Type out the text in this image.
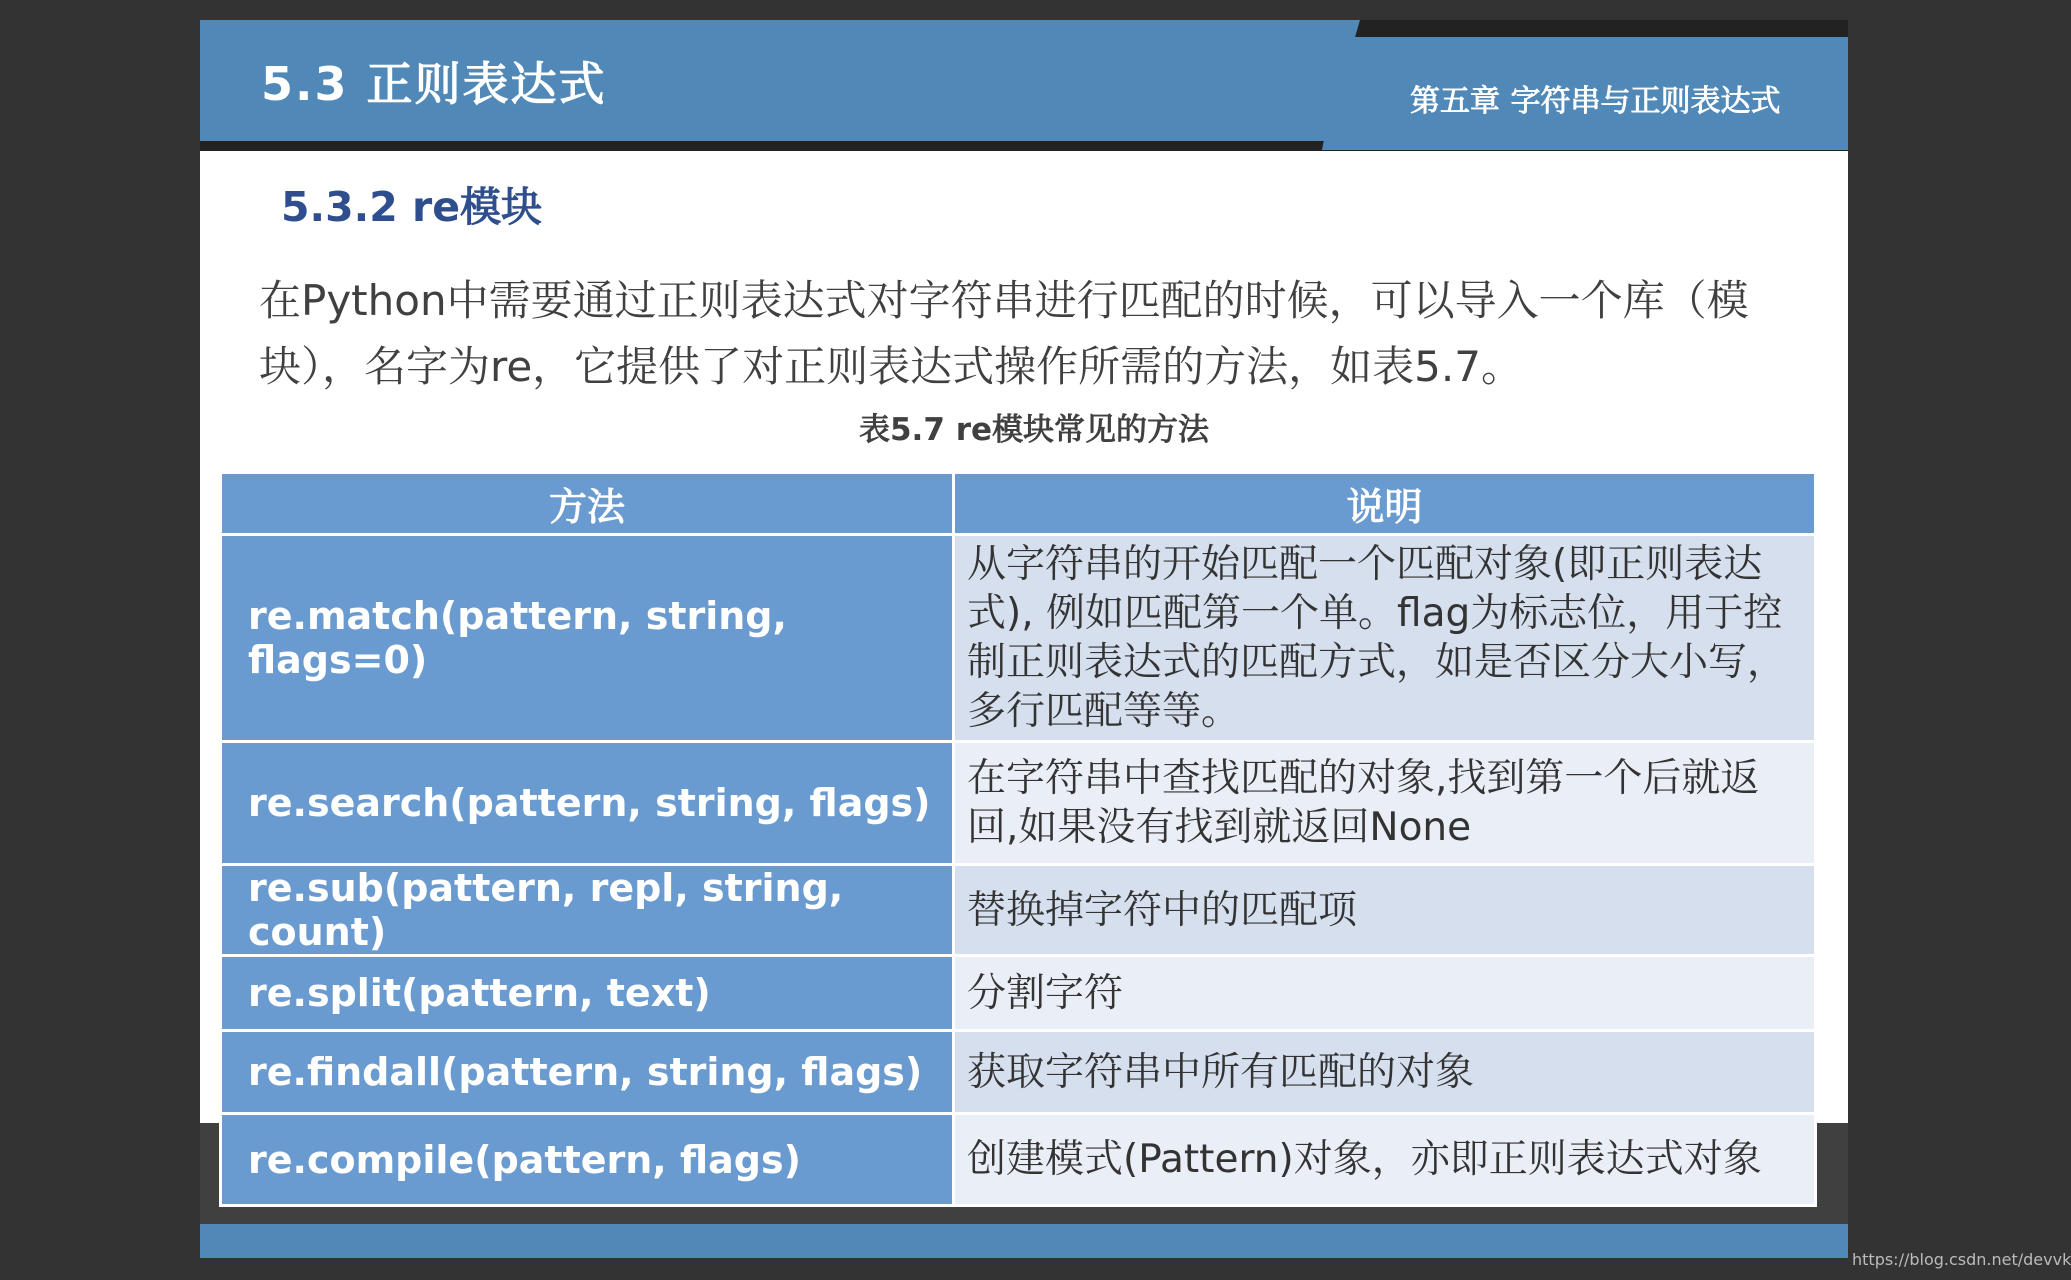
5.3 正则表达式	第五章 字符串与正则表达式
5.3.2 re模块
在Python中需要通过正则表达式对字符串进行匹配的时候，可以导入一个库（模块），名字为re，它提供了对正则表达式操作所需的方法，如表5.7。
表5.7 re模块常见的方法
方法	说明
re.match(pattern, string, flags=0)	从字符串的开始匹配一个匹配对象(即正则表达式), 例如匹配第一个单。flag为标志位，用于控制正则表达式的匹配方式，如是否区分大小写，多行匹配等等。
re.search(pattern, string, flags)	在字符串中查找匹配的对象,找到第一个后就返回,如果没有找到就返回None
re.sub(pattern, repl, string, count)	替换掉字符中的匹配项
re.split(pattern, text)	分割字符
re.findall(pattern, string, flags)	获取字符串中所有匹配的对象
re.compile(pattern, flags)	创建模式(Pattern)对象，亦即正则表达式对象
https://blog.csdn.net/devvk
